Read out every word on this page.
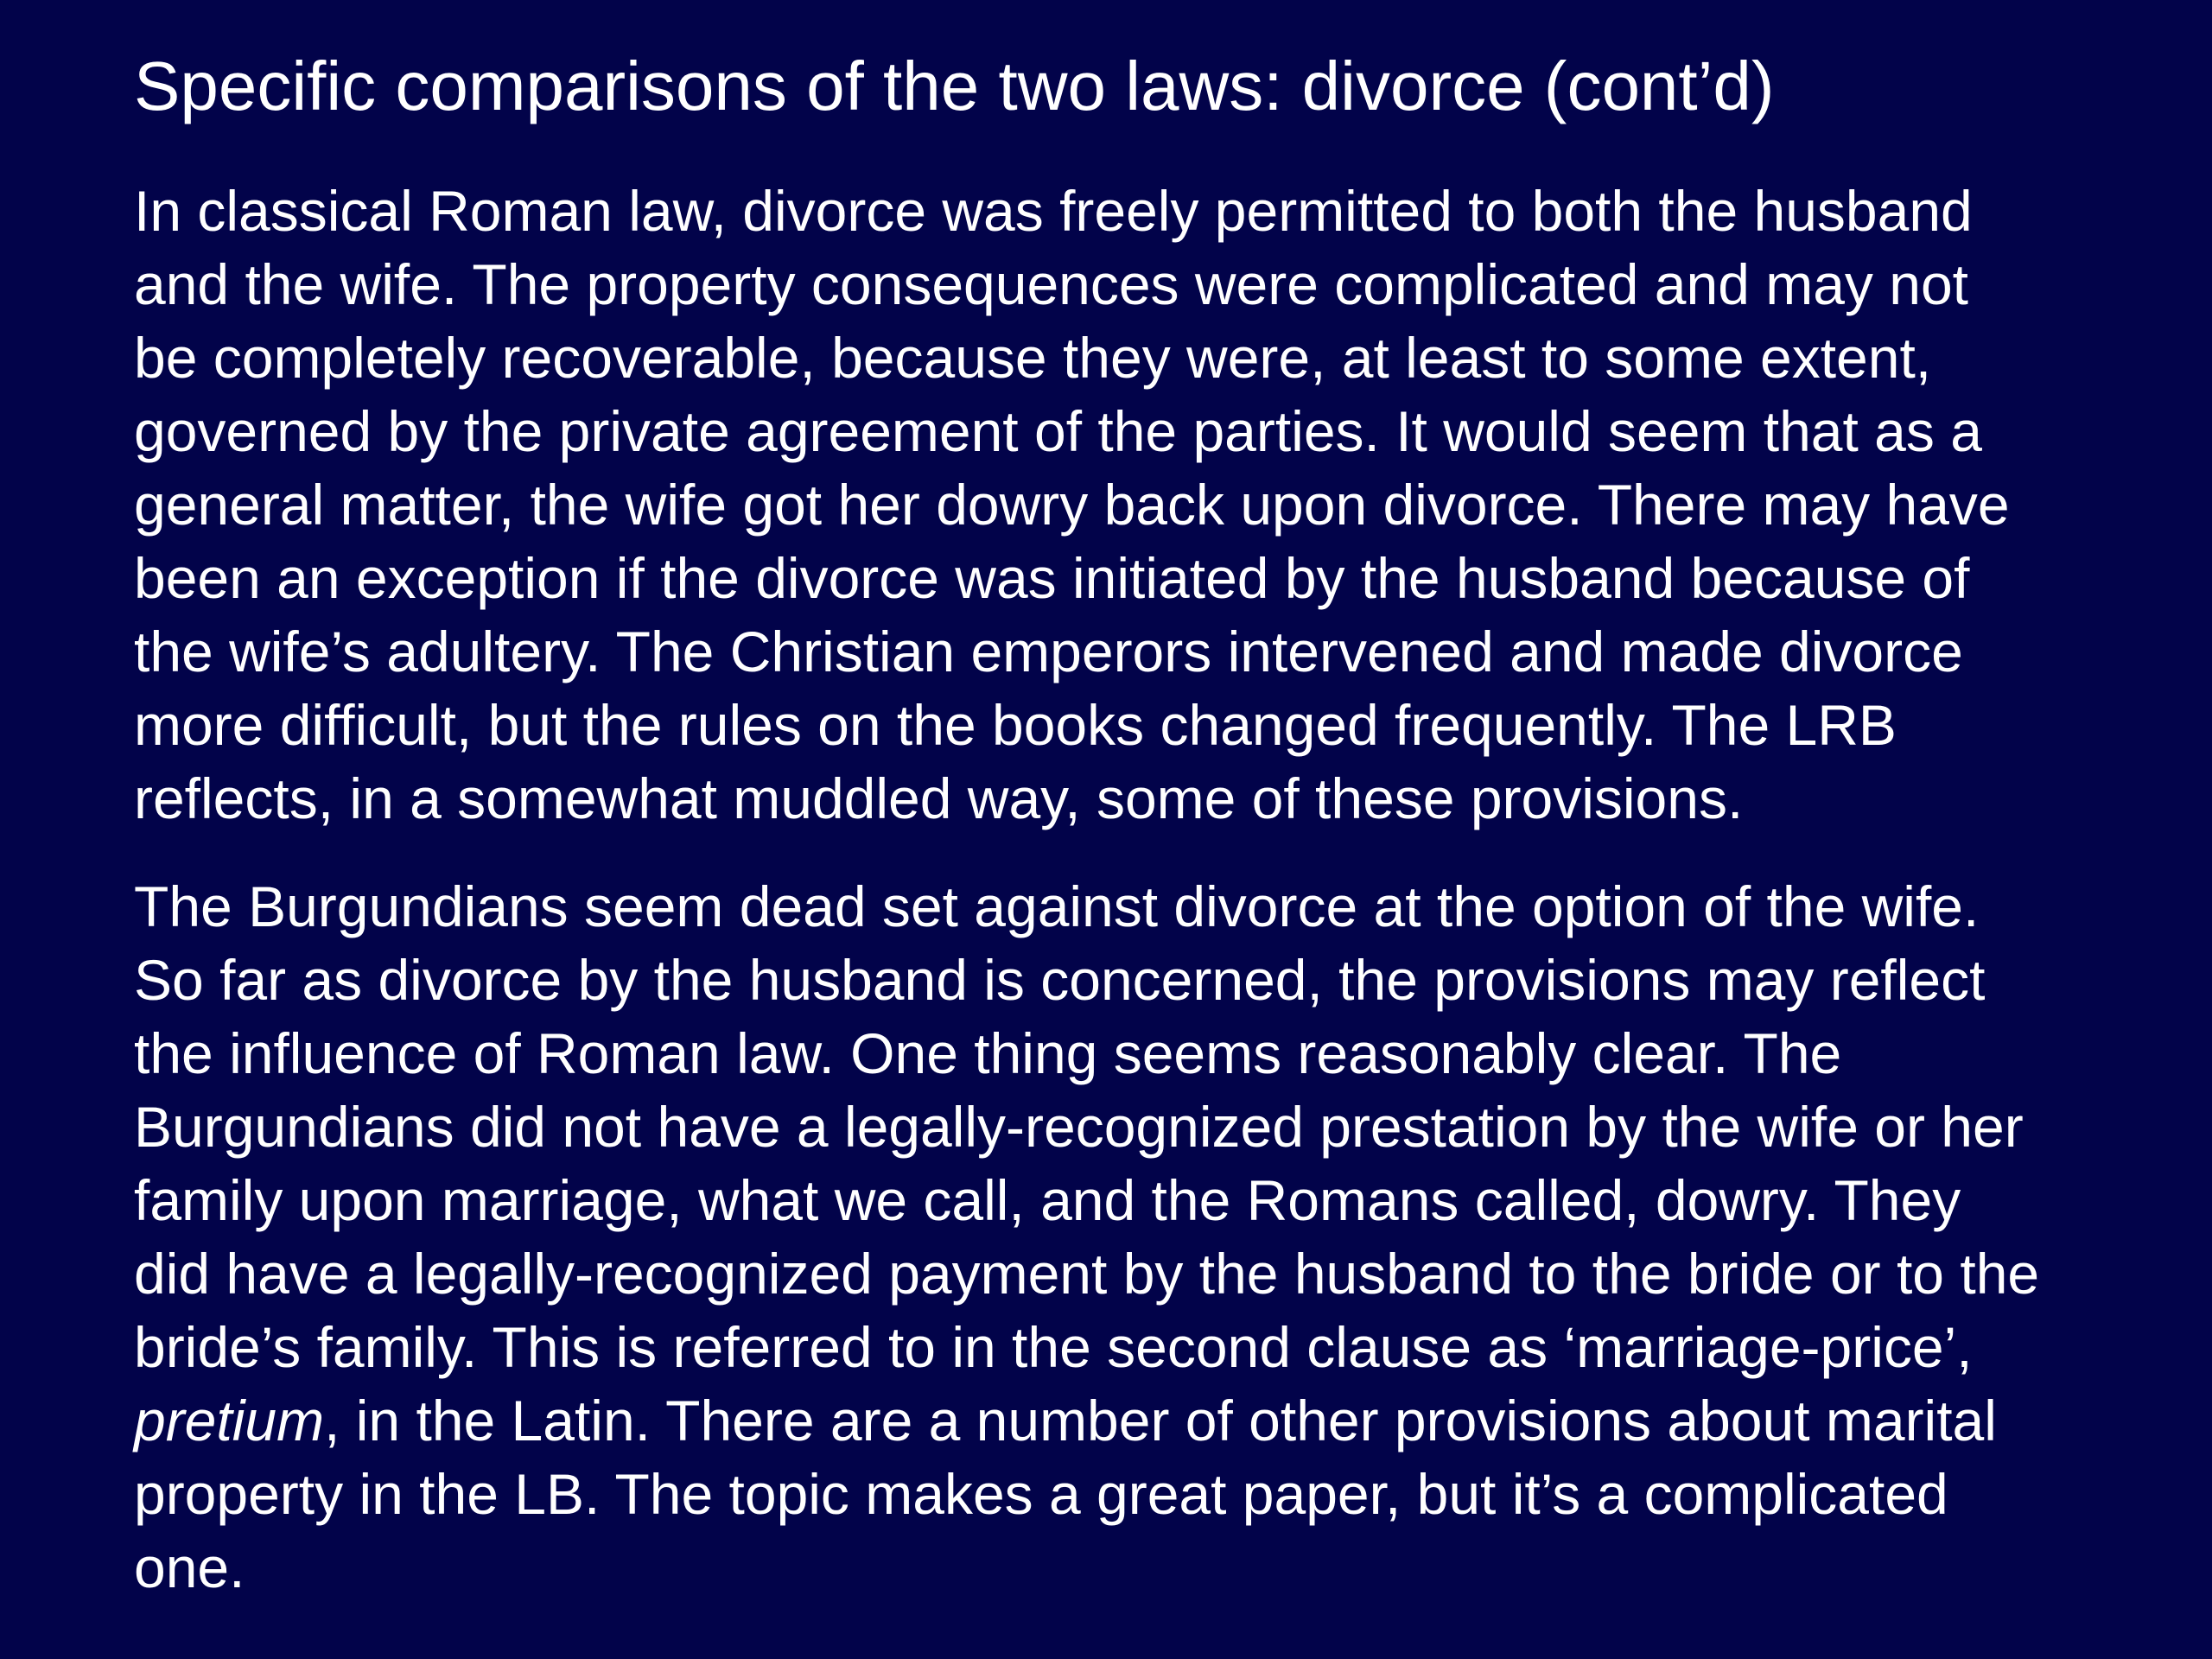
Specific comparisons of the two laws: divorce (cont’d)

In classical Roman law, divorce was freely permitted to both the husband
and the wife. The property consequences were complicated and may not
be completely recoverable, because they were, at least to some extent,
governed by the private agreement of the parties. It would seem that as a
general matter, the wife got her dowry back upon divorce. There may have
been an exception if the divorce was initiated by the husband because of
the wife’s adultery. The Christian emperors intervened and made divorce
more difficult, but the rules on the books changed frequently. The LRB
reflects, in a somewhat muddled way, some of these provisions.

The Burgundians seem dead set against divorce at the option of the wife.
So far as divorce by the husband is concerned, the provisions may reflect
the influence of Roman law. One thing seems reasonably clear. The
Burgundians did not have a legally-recognized prestation by the wife or her
family upon marriage, what we call, and the Romans called, dowry. They
did have a legally-recognized payment by the husband to the bride or to the
bride’s family. This is referred to in the second clause as ‘marriage-price’,
pretium, in the Latin. There are a number of other provisions about marital
property in the LB. The topic makes a great paper, but it’s a complicated
one.
